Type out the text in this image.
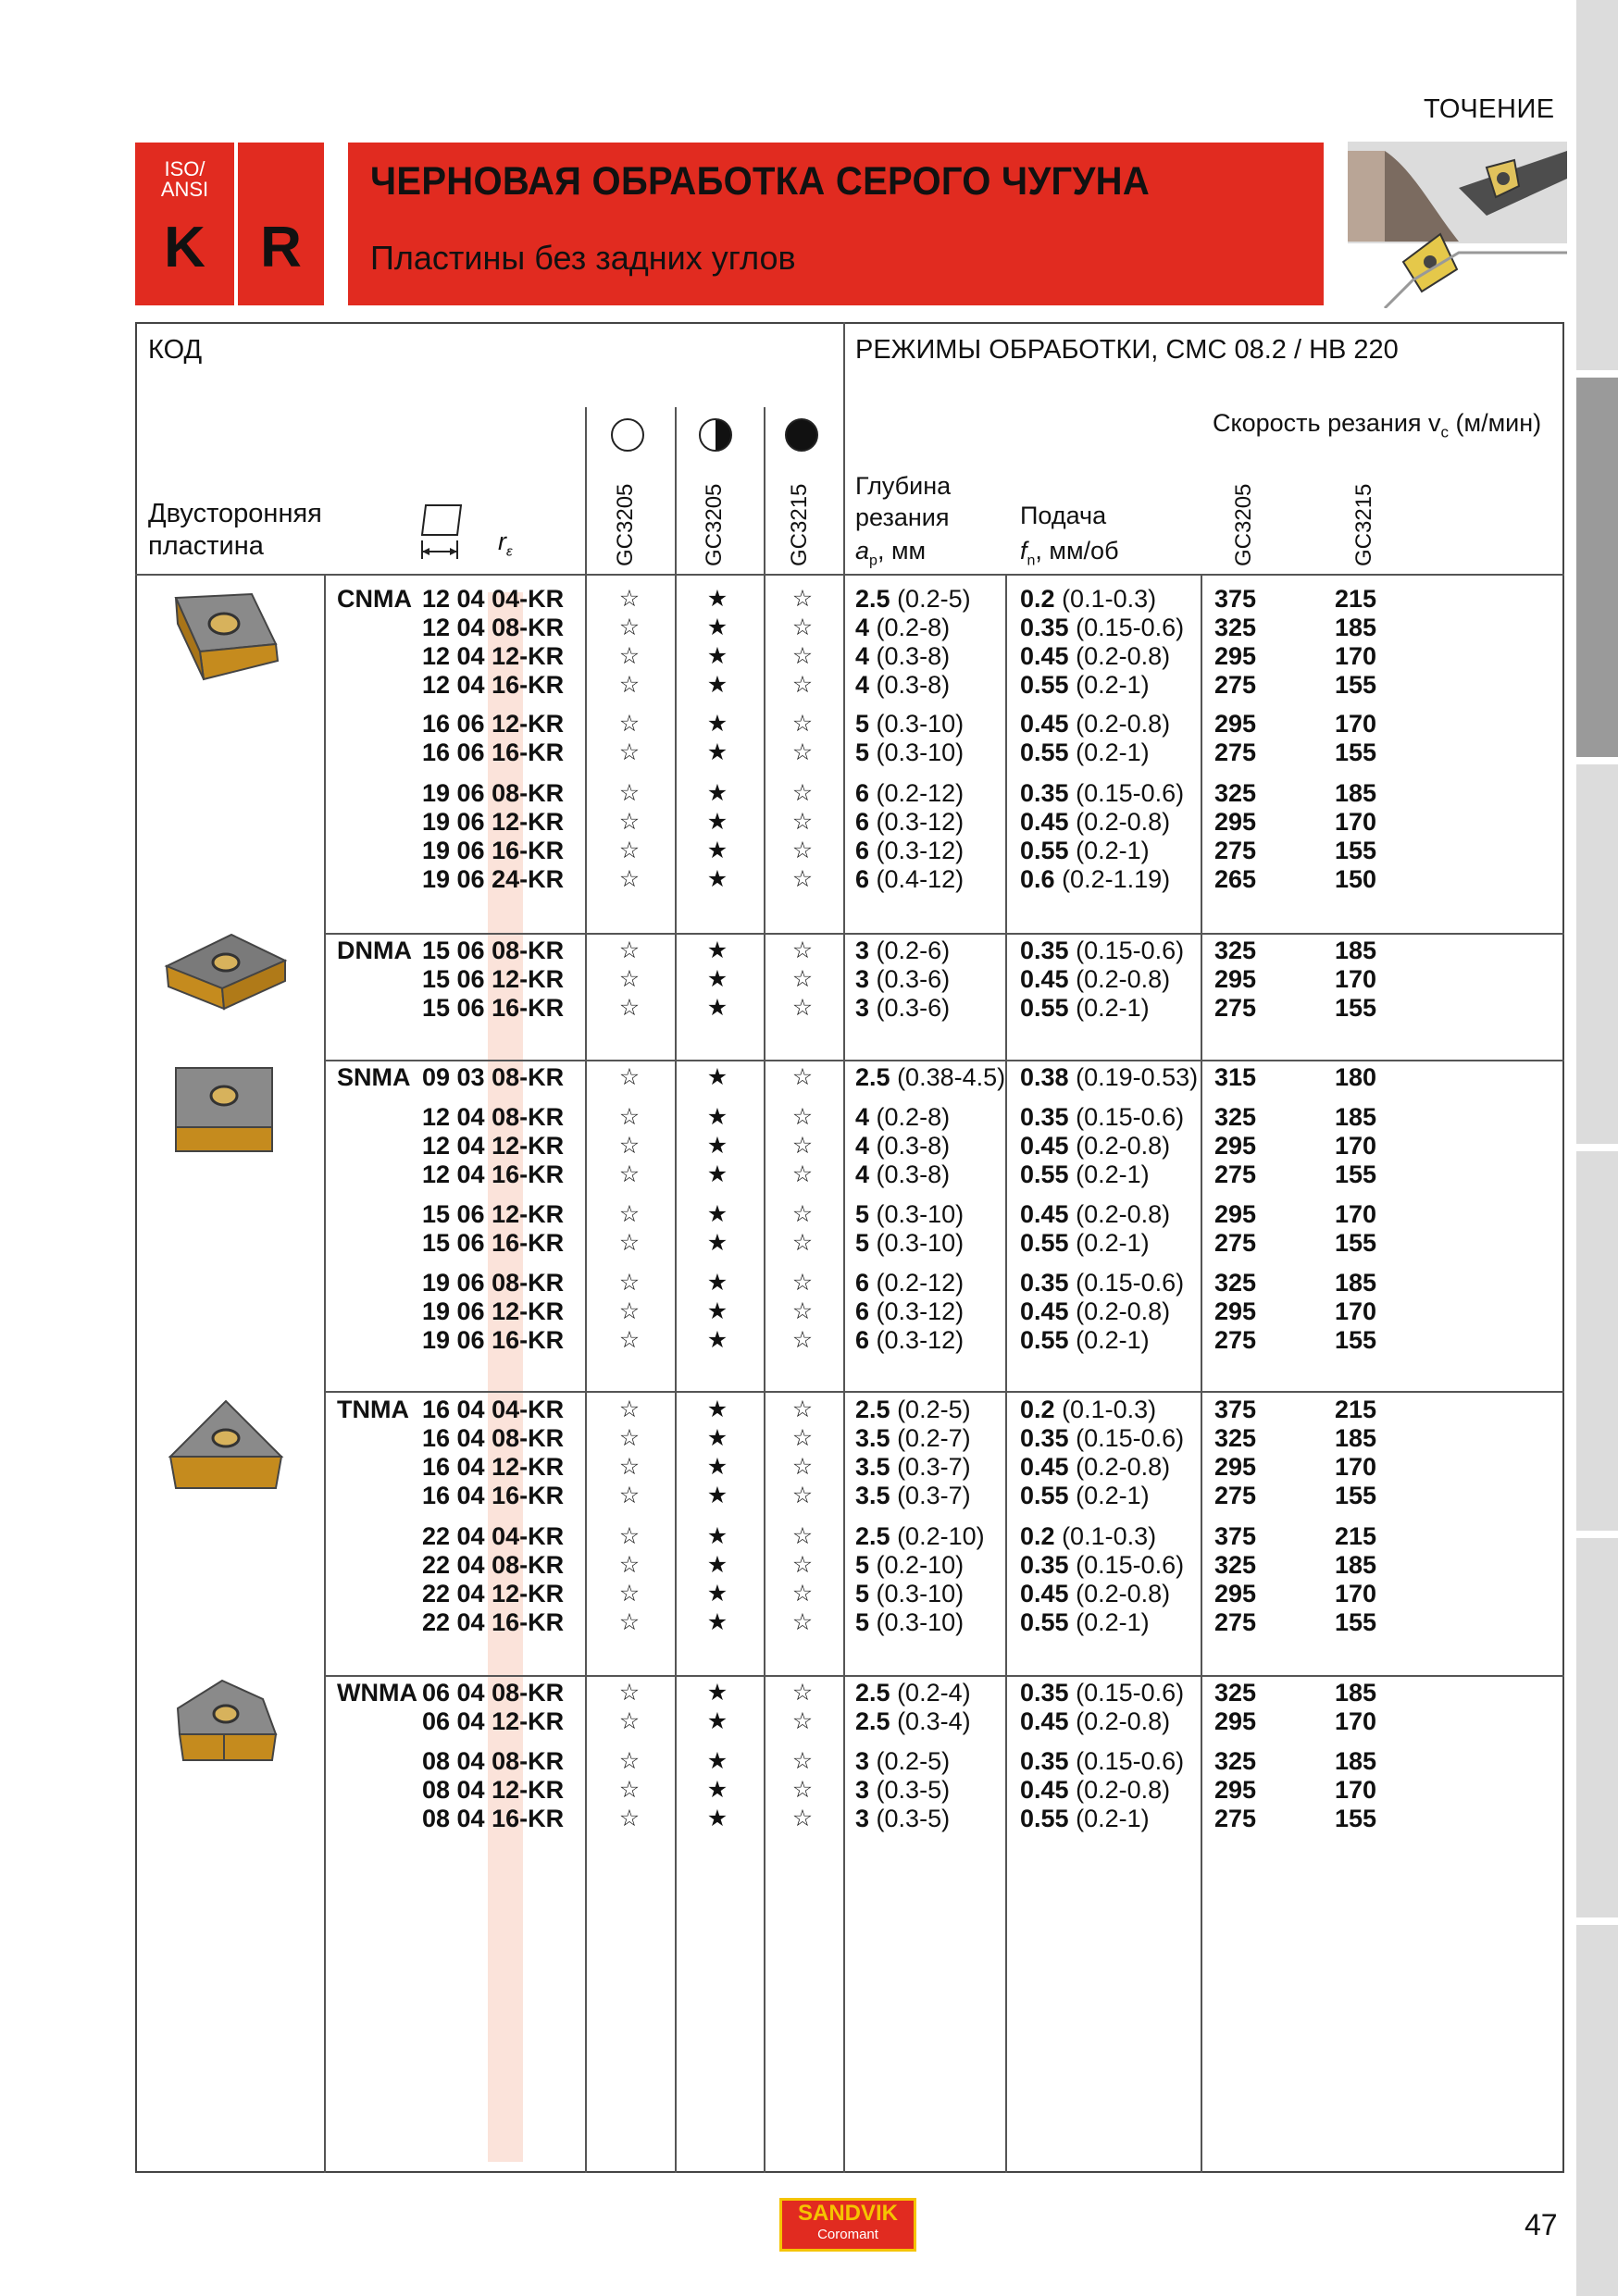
ТОЧЕНИЕ
ISO/
ANSI
K R
ЧЕРНОВАЯ ОБРАБОТКА СЕРОГО ЧУГУНА
Пластины без задних углов
КОД	РЕЖИМЫ ОБРАБОТКИ, CMC 08.2 / HB 220
Скорость резания $v_c$ (м/мин)
Двусторонняя
пластина	$r_\varepsilon$	GC3205	GC3205	GC3215 Глубина
резания
$a_p$, мм
Подача
$f_n$, мм/об	GC3205	GC3215
CNMA 12 04 04-KR ☆	★	☆ 2.5 (0.2-5) 0.2 (0.1-0.3) 375	215
12 04 08-KR ☆	★	☆ 4 (0.2-8)	0.35 (0.15-0.6) 325	185
12 04 12-KR ☆	★	☆ 4 (0.3-8)	0.45 (0.2-0.8) 295	170
12 04 16-KR ☆	★	☆ 4 (0.3-8)	0.55 (0.2-1)	275	155
16 06 12-KR ☆	★	☆ 5 (0.3-10) 0.45 (0.2-0.8) 295	170
16 06 16-KR ☆	★	☆ 5 (0.3-10) 0.55 (0.2-1)	275	155
19 06 08-KR ☆	★	☆ 6 (0.2-12) 0.35 (0.15-0.6) 325	185
19 06 12-KR ☆	★	☆ 6 (0.3-12) 0.45 (0.2-0.8) 295	170
19 06 16-KR ☆	★	☆ 6 (0.3-12) 0.55 (0.2-1)	275	155
19 06 24-KR ☆	★	☆ 6 (0.4-12) 0.6 (0.2-1.19) 265	150
DNMA 15 06 08-KR ☆	★	☆ 3 (0.2-6)	0.35 (0.15-0.6) 325	185
15 06 12-KR ☆	★	☆ 3 (0.3-6)	0.45 (0.2-0.8) 295	170
15 06 16-KR ☆	★	☆ 3 (0.3-6)	0.55 (0.2-1)	275	155
SNMA 09 03 08-KR ☆	★	☆ 2.5 (0.38-4.5) 0.38 (0.19-0.53) 315	180
12 04 08-KR ☆	★	☆ 4 (0.2-8)	0.35 (0.15-0.6) 325	185
12 04 12-KR ☆	★	☆ 4 (0.3-8)	0.45 (0.2-0.8) 295	170
12 04 16-KR ☆	★	☆ 4 (0.3-8)	0.55 (0.2-1)	275	155
15 06 12-KR ☆	★	☆ 5 (0.3-10) 0.45 (0.2-0.8) 295	170
15 06 16-KR ☆	★	☆ 5 (0.3-10) 0.55 (0.2-1)	275	155
19 06 08-KR ☆	★	☆ 6 (0.2-12) 0.35 (0.15-0.6) 325	185
19 06 12-KR ☆	★	☆ 6 (0.3-12) 0.45 (0.2-0.8) 295	170
19 06 16-KR ☆	★	☆ 6 (0.3-12) 0.55 (0.2-1)	275	155
TNMA 16 04 04-KR ☆	★	☆ 2.5 (0.2-5) 0.2 (0.1-0.3) 375	215
16 04 08-KR ☆	★	☆ 3.5 (0.2-7) 0.35 (0.15-0.6) 325	185
16 04 12-KR ☆	★	☆ 3.5 (0.3-7) 0.45 (0.2-0.8) 295	170
16 04 16-KR ☆	★	☆ 3.5 (0.3-7) 0.55 (0.2-1)	275	155
22 04 04-KR ☆	★	☆ 2.5 (0.2-10) 0.2 (0.1-0.3) 375	215
22 04 08-KR ☆	★	☆ 5 (0.2-10) 0.35 (0.15-0.6) 325	185
22 04 12-KR ☆	★	☆ 5 (0.3-10) 0.45 (0.2-0.8) 295	170
22 04 16-KR ☆	★	☆ 5 (0.3-10) 0.55 (0.2-1)	275	155
WNMA 06 04 08-KR ☆	★	☆ 2.5 (0.2-4) 0.35 (0.15-0.6) 325	185
06 04 12-KR ☆	★	☆ 2.5 (0.3-4) 0.45 (0.2-0.8) 295	170
08 04 08-KR ☆	★	☆ 3 (0.2-5)	0.35 (0.15-0.6) 325	185
08 04 12-KR ☆	★	☆ 3 (0.3-5)	0.45 (0.2-0.8) 295	170
08 04 16-KR ☆	★	☆ 3 (0.3-5)	0.55 (0.2-1)	275	155
SANDVIK
Coromant	47
